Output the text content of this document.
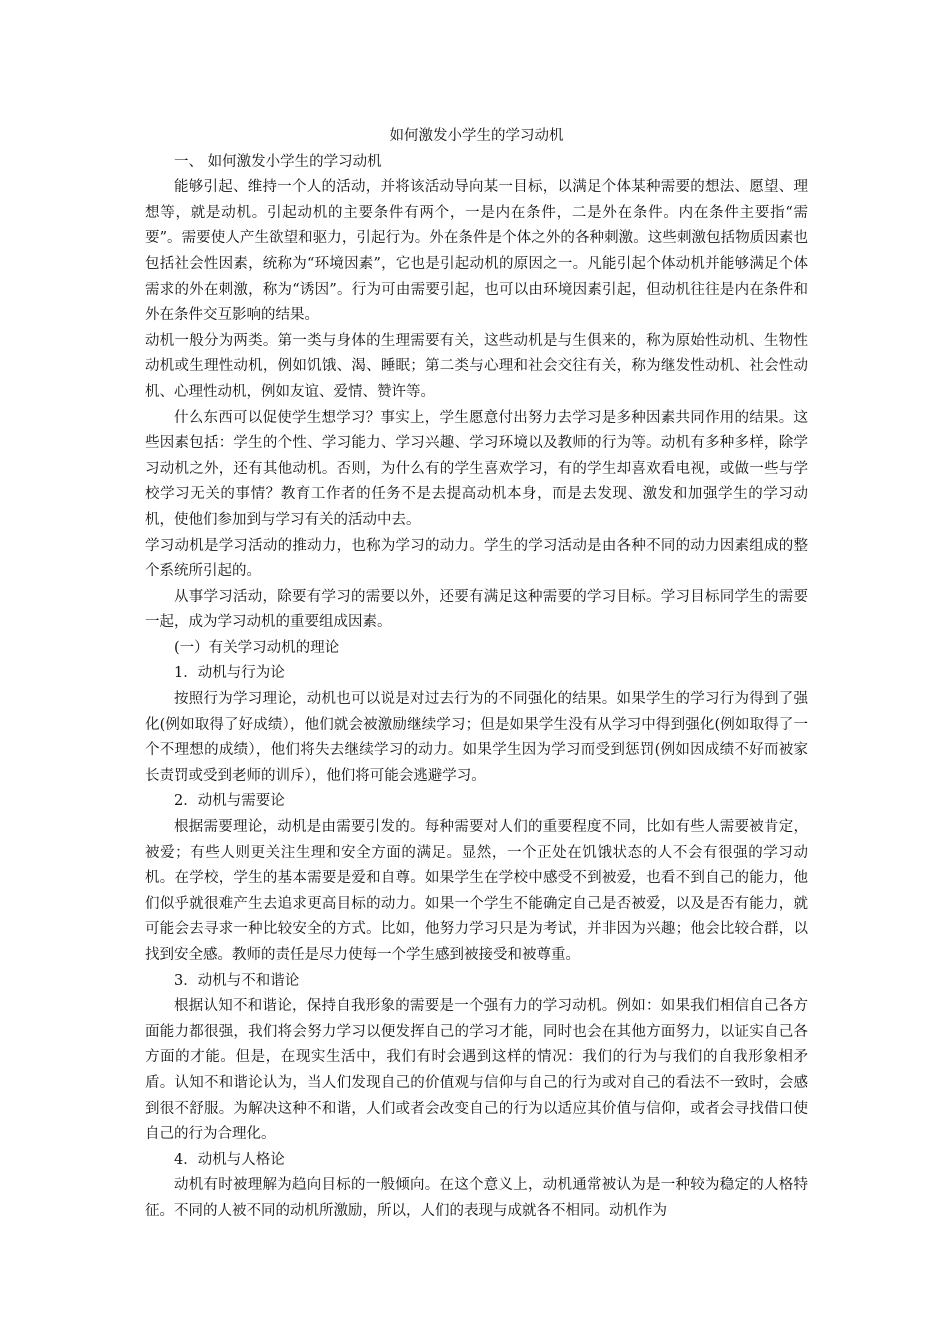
如何激发小学生的学习动机

一、 如何激发小学生的学习动机

能够引起、维持一个人的活动，并将该活动导向某一目标，以满足个体某种需要的想法、愿望、理想等，就是动机。引起动机的主要条件有两个，一是内在条件，二是外在条件。内在条件主要指“需要”。需要使人产生欲望和驱力，引起行为。外在条件是个体之外的各种刺激。这些刺激包括物质因素也包括社会性因素，统称为“环境因素”，它也是引起动机的原因之一。凡能引起个体动机并能够满足个体需求的外在刺激，称为“诱因”。行为可由需要引起，也可以由环境因素引起，但动机往往是内在条件和外在条件交互影响的结果。

动机一般分为两类。第一类与身体的生理需要有关，这些动机是与生俱来的，称为原始性动机、生物性动机或生理性动机，例如饥饿、渴、睡眠；第二类与心理和社会交往有关，称为继发性动机、社会性动机、心理性动机，例如友谊、爱情、赞许等。

什么东西可以促使学生想学习？事实上，学生愿意付出努力去学习是多种因素共同作用的结果。这些因素包括：学生的个性、学习能力、学习兴趣、学习环境以及教师的行为等。动机有多种多样，除学习动机之外，还有其他动机。否则，为什么有的学生喜欢学习，有的学生却喜欢看电视，或做一些与学校学习无关的事情？教育工作者的任务不是去提高动机本身，而是去发现、激发和加强学生的学习动机，使他们参加到与学习有关的活动中去。

学习动机是学习活动的推动力，也称为学习的动力。学生的学习活动是由各种不同的动力因素组成的整个系统所引起的。

从事学习活动，除要有学习的需要以外，还要有满足这种需要的学习目标。学习目标同学生的需要一起，成为学习动机的重要组成因素。

(一）有关学习动机的理论

1．动机与行为论

按照行为学习理论，动机也可以说是对过去行为的不同强化的结果。如果学生的学习行为得到了强化(例如取得了好成绩），他们就会被激励继续学习；但是如果学生没有从学习中得到强化(例如取得了一个不理想的成绩），他们将失去继续学习的动力。如果学生因为学习而受到惩罚(例如因成绩不好而被家长责罚或受到老师的训斥），他们将可能会逃避学习。

2．动机与需要论

根据需要理论，动机是由需要引发的。每种需要对人们的重要程度不同，比如有些人需要被肯定，被爱；有些人则更关注生理和安全方面的满足。显然，一个正处在饥饿状态的人不会有很强的学习动机。在学校，学生的基本需要是爱和自尊。如果学生在学校中感受不到被爱，也看不到自己的能力，他们似乎就很难产生去追求更高目标的动力。如果一个学生不能确定自己是否被爱，以及是否有能力，就可能会去寻求一种比较安全的方式。比如，他努力学习只是为考试，并非因为兴趣；他会比较合群，以找到安全感。教师的责任是尽力使每一个学生感到被接受和被尊重。

3．动机与不和谐论

根据认知不和谐论，保持自我形象的需要是一个强有力的学习动机。例如：如果我们相信自己各方面能力都很强，我们将会努力学习以便发挥自己的学习才能，同时也会在其他方面努力，以证实自己各方面的才能。但是，在现实生活中，我们有时会遇到这样的情况：我们的行为与我们的自我形象相矛盾。认知不和谐论认为，当人们发现自己的价值观与信仰与自己的行为或对自己的看法不一致时，会感到很不舒服。为解决这种不和谐，人们或者会改变自己的行为以适应其价值与信仰，或者会寻找借口使自己的行为合理化。

4．动机与人格论

动机有时被理解为趋向目标的一般倾向。在这个意义上，动机通常被认为是一种较为稳定的人格特征。不同的人被不同的动机所激励，所以，人们的表现与成就各不相同。动机作为
